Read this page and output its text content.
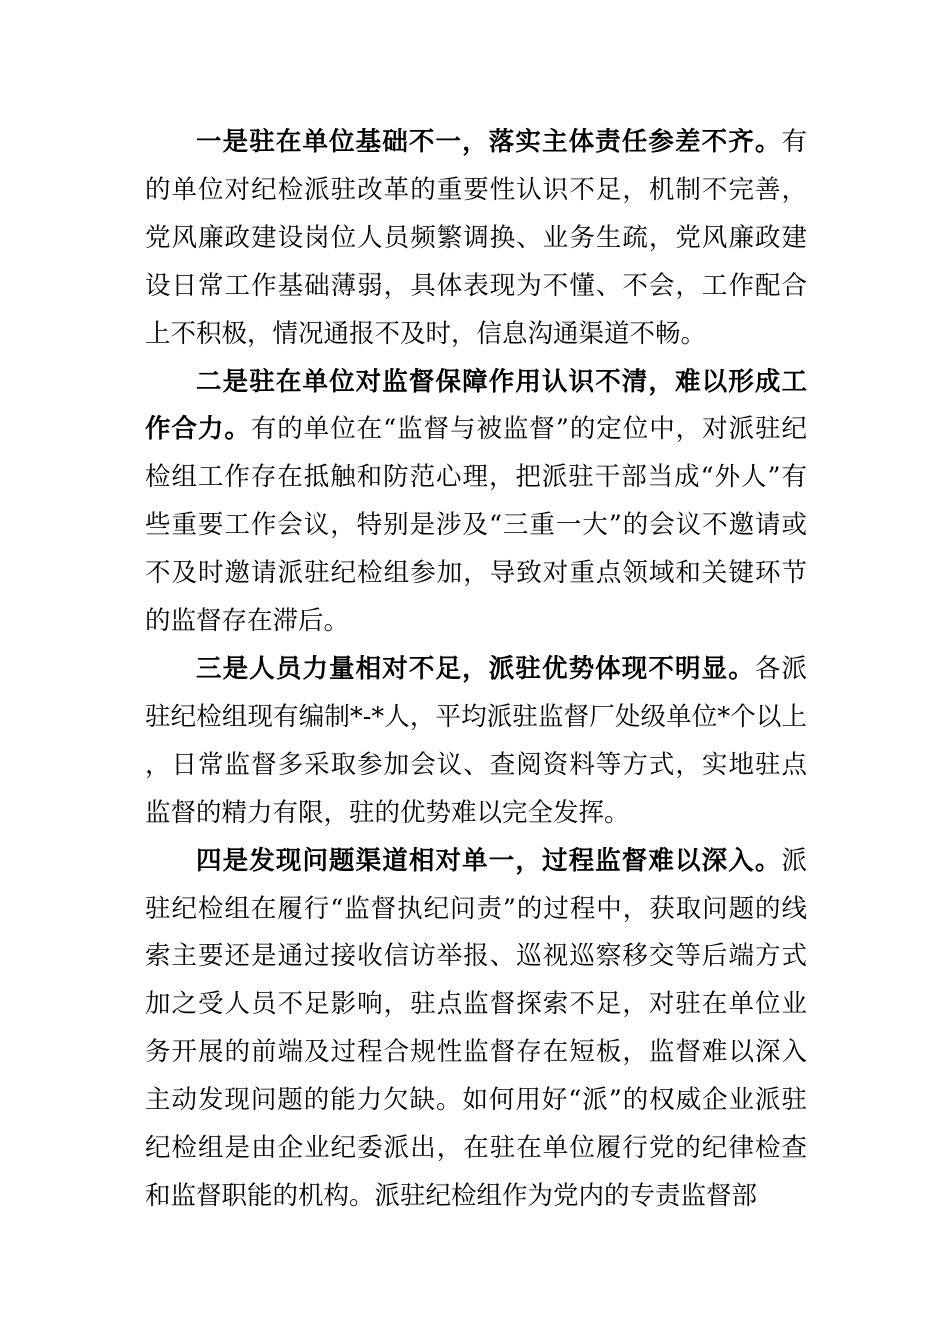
一是驻在单位基础不一，落实主体责任参差不齐。有的单位对纪检派驻改革的重要性认识不足，机制不完善，党风廉政建设岗位人员频繁调换、业务生疏，党风廉政建设日常工作基础薄弱，具体表现为不懂、不会，工作配合上不积极，情况通报不及时，信息沟通渠道不畅。

二是驻在单位对监督保障作用认识不清，难以形成工作合力。有的单位在“监督与被监督”的定位中，对派驻纪检组工作存在抵触和防范心理，把派驻干部当成“外人”有些重要工作会议，特别是涉及“三重一大”的会议不邀请或不及时邀请派驻纪检组参加，导致对重点领域和关键环节的监督存在滞后。

三是人员力量相对不足，派驻优势体现不明显。各派驻纪检组现有编制*-*人，平均派驻监督厂处级单位*个以上，日常监督多采取参加会议、查阅资料等方式，实地驻点监督的精力有限，驻的优势难以完全发挥。

四是发现问题渠道相对单一，过程监督难以深入。派驻纪检组在履行“监督执纪问责”的过程中，获取问题的线索主要还是通过接收信访举报、巡视巡察移交等后端方式加之受人员不足影响，驻点监督探索不足，对驻在单位业务开展的前端及过程合规性监督存在短板，监督难以深入主动发现问题的能力欠缺。如何用好“派”的权威企业派驻纪检组是由企业纪委派出，在驻在单位履行党的纪律检查和监督职能的机构。派驻纪检组作为党内的专责监督部
